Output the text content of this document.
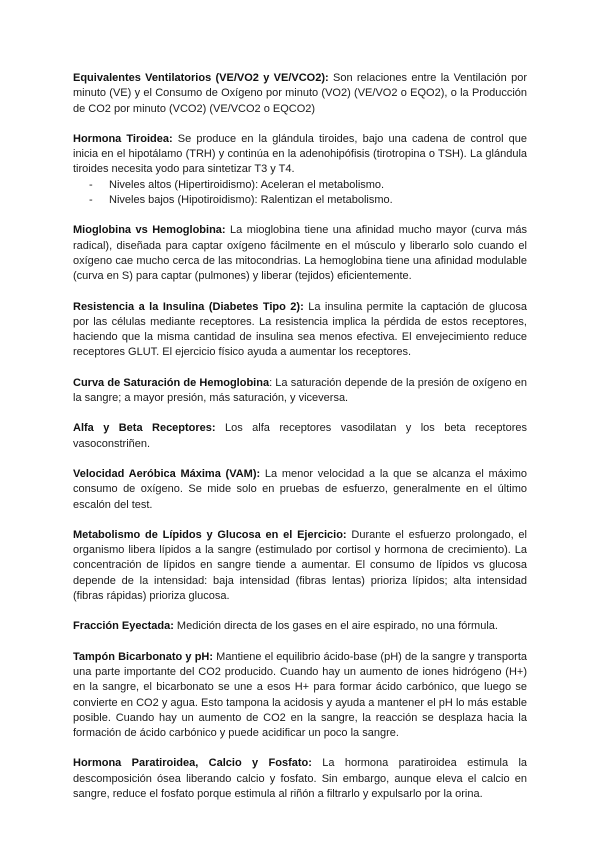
Equivalentes Ventilatorios (VE/VO2 y VE/VCO2): Son relaciones entre la Ventilación por minuto (VE) y el Consumo de Oxígeno por minuto (VO2) (VE/VO2 o EQO2), o la Producción de CO2 por minuto (VCO2) (VE/VCO2 o EQCO2)

Hormona Tiroidea: Se produce en la glándula tiroides, bajo una cadena de control que inicia en el hipotálamo (TRH) y continúa en la adenohipófisis (tirotropina o TSH). La glándula tiroides necesita yodo para sintetizar T3 y T4.
- Niveles altos (Hipertiroidismo): Aceleran el metabolismo.
- Niveles bajos (Hipotiroidismo): Ralentizan el metabolismo.

Mioglobina vs Hemoglobina: La mioglobina tiene una afinidad mucho mayor (curva más radical), diseñada para captar oxígeno fácilmente en el músculo y liberarlo solo cuando el oxígeno cae mucho cerca de las mitocondrias. La hemoglobina tiene una afinidad modulable (curva en S) para captar (pulmones) y liberar (tejidos) eficientemente.

Resistencia a la Insulina (Diabetes Tipo 2): La insulina permite la captación de glucosa por las células mediante receptores. La resistencia implica la pérdida de estos receptores, haciendo que la misma cantidad de insulina sea menos efectiva. El envejecimiento reduce receptores GLUT. El ejercicio físico ayuda a aumentar los receptores.

Curva de Saturación de Hemoglobina: La saturación depende de la presión de oxígeno en la sangre; a mayor presión, más saturación, y viceversa.

Alfa y Beta Receptores: Los alfa receptores vasodilatan y los beta receptores vasoconstriñen.

Velocidad Aeróbica Máxima (VAM): La menor velocidad a la que se alcanza el máximo consumo de oxígeno. Se mide solo en pruebas de esfuerzo, generalmente en el último escalón del test.

Metabolismo de Lípidos y Glucosa en el Ejercicio: Durante el esfuerzo prolongado, el organismo libera lípidos a la sangre (estimulado por cortisol y hormona de crecimiento). La concentración de lípidos en sangre tiende a aumentar. El consumo de lípidos vs glucosa depende de la intensidad: baja intensidad (fibras lentas) prioriza lípidos; alta intensidad (fibras rápidas) prioriza glucosa.

Fracción Eyectada: Medición directa de los gases en el aire espirado, no una fórmula.

Tampón Bicarbonato y pH: Mantiene el equilibrio ácido-base (pH) de la sangre y transporta una parte importante del CO2 producido. Cuando hay un aumento de iones hidrógeno (H+) en la sangre, el bicarbonato se une a esos H+ para formar ácido carbónico, que luego se convierte en CO2 y agua. Esto tampona la acidosis y ayuda a mantener el pH lo más estable posible. Cuando hay un aumento de CO2 en la sangre, la reacción se desplaza hacia la formación de ácido carbónico y puede acidificar un poco la sangre.

Hormona Paratiroidea, Calcio y Fosfato: La hormona paratiroidea estimula la descomposición ósea liberando calcio y fosfato. Sin embargo, aunque eleva el calcio en sangre, reduce el fosfato porque estimula al riñón a filtrarlo y expulsarlo por la orina.
